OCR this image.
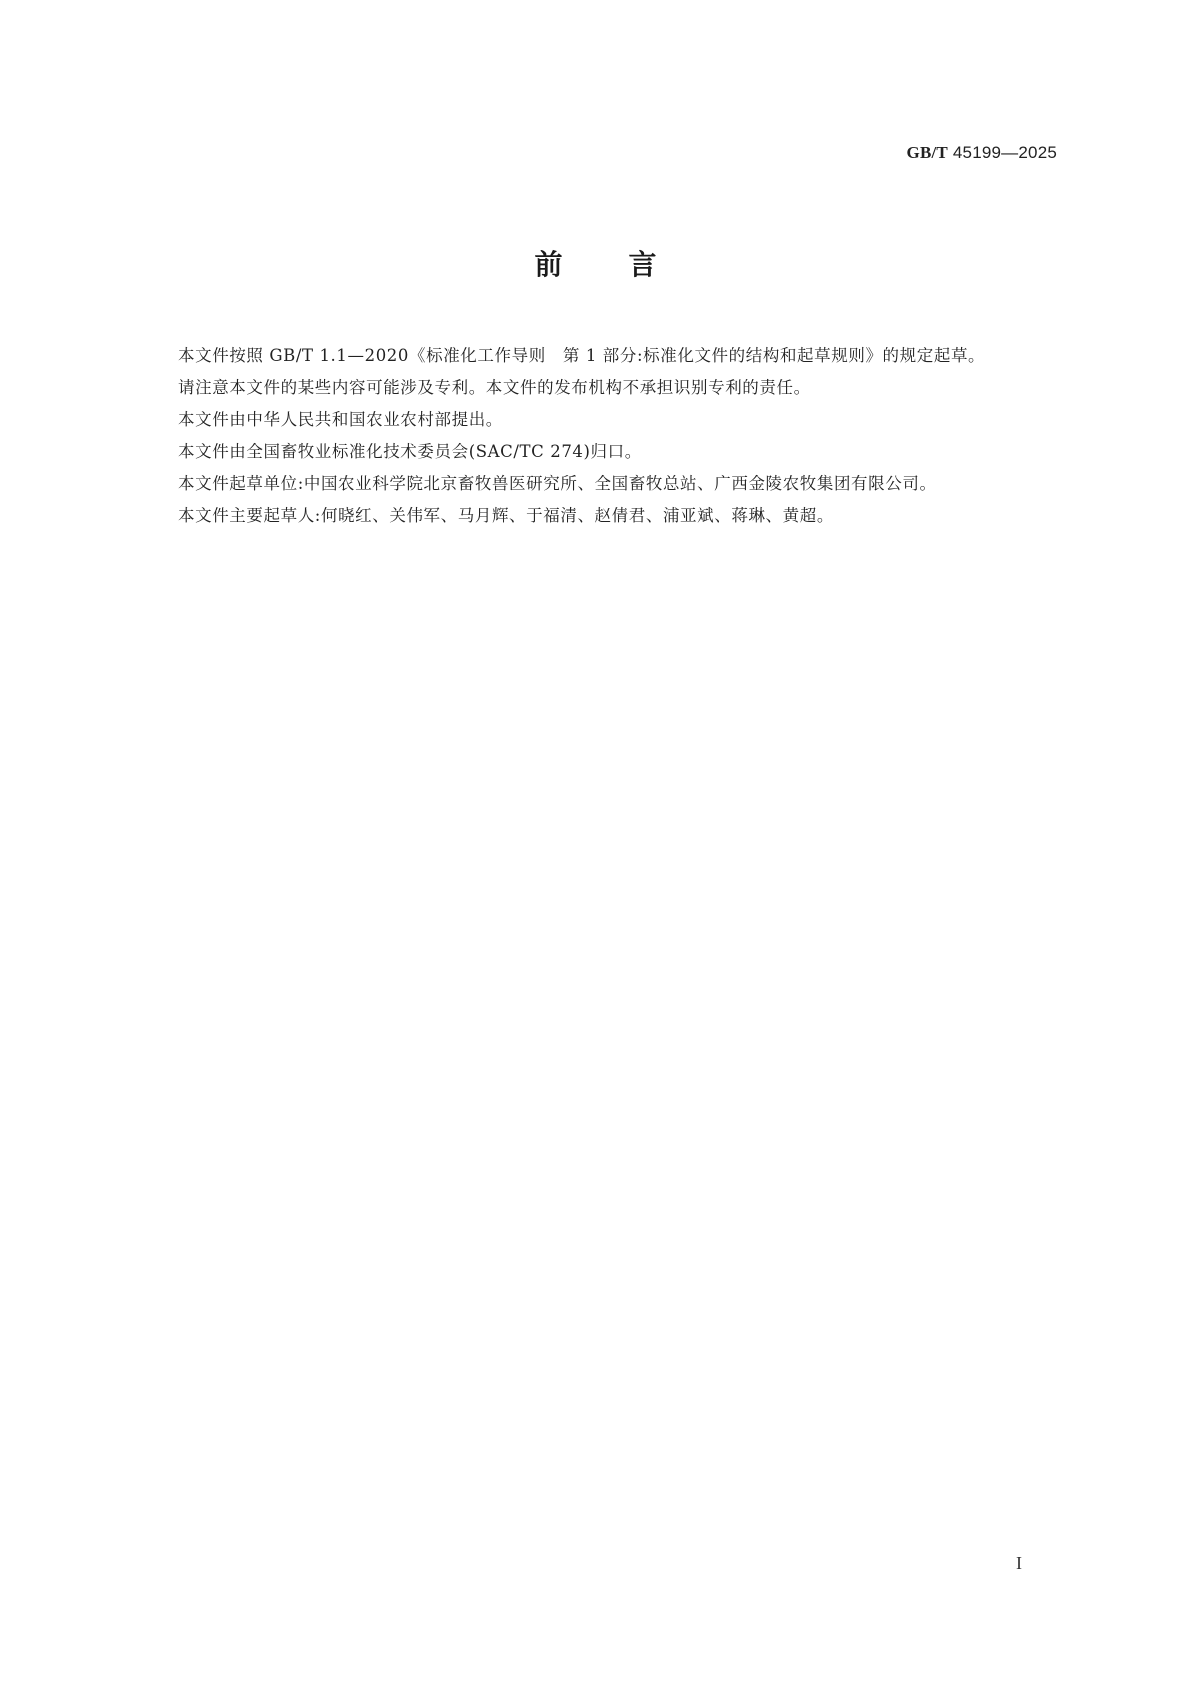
GB/T 45199—2025
前言

本文件按照 GB/T 1.1—2020《标准化工作导则　第 1 部分:标准化文件的结构和起草规则》的规定起草。

请注意本文件的某些内容可能涉及专利。本文件的发布机构不承担识别专利的责任。

本文件由中华人民共和国农业农村部提出。

本文件由全国畜牧业标准化技术委员会(SAC/TC 274)归口。

本文件起草单位:中国农业科学院北京畜牧兽医研究所、全国畜牧总站、广西金陵农牧集团有限公司。

本文件主要起草人:何晓红、关伟军、马月辉、于福清、赵倩君、浦亚斌、蒋琳、黄超。

I
